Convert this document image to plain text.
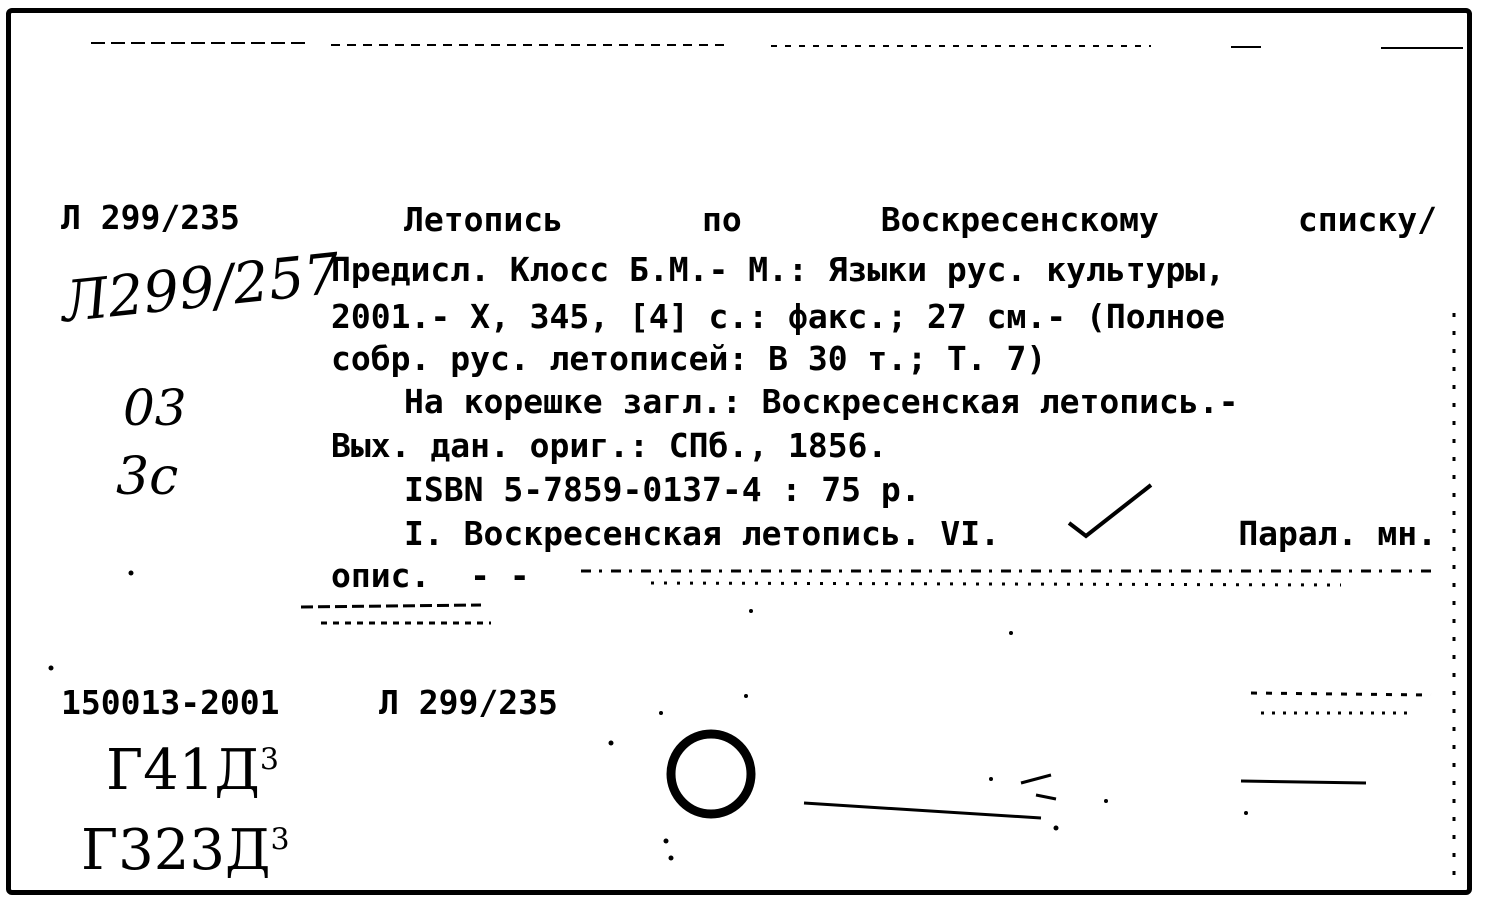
Л 299/235
Л299/257
03
3с
Летопись	по	Воскресенскому	списку/
Предисл. Клосс Б.М.- М.: Языки рус. культуры,
2001.- X, 345, [4] с.: факс.; 27 см.- (Полное
собр. рус. летописей: В 30 т.; Т. 7)
На корешке загл.: Воскресенская летопись.-
Вых. дан. ориг.: СПб., 1856.
ISBN 5-7859-0137-4 : 75 р.
I. Воскресенская летопись. VI.	Парал. мн.
опис.  - -
150013-2001	Л 299/235
$Г41Д^3$
$Г323Д^3$
